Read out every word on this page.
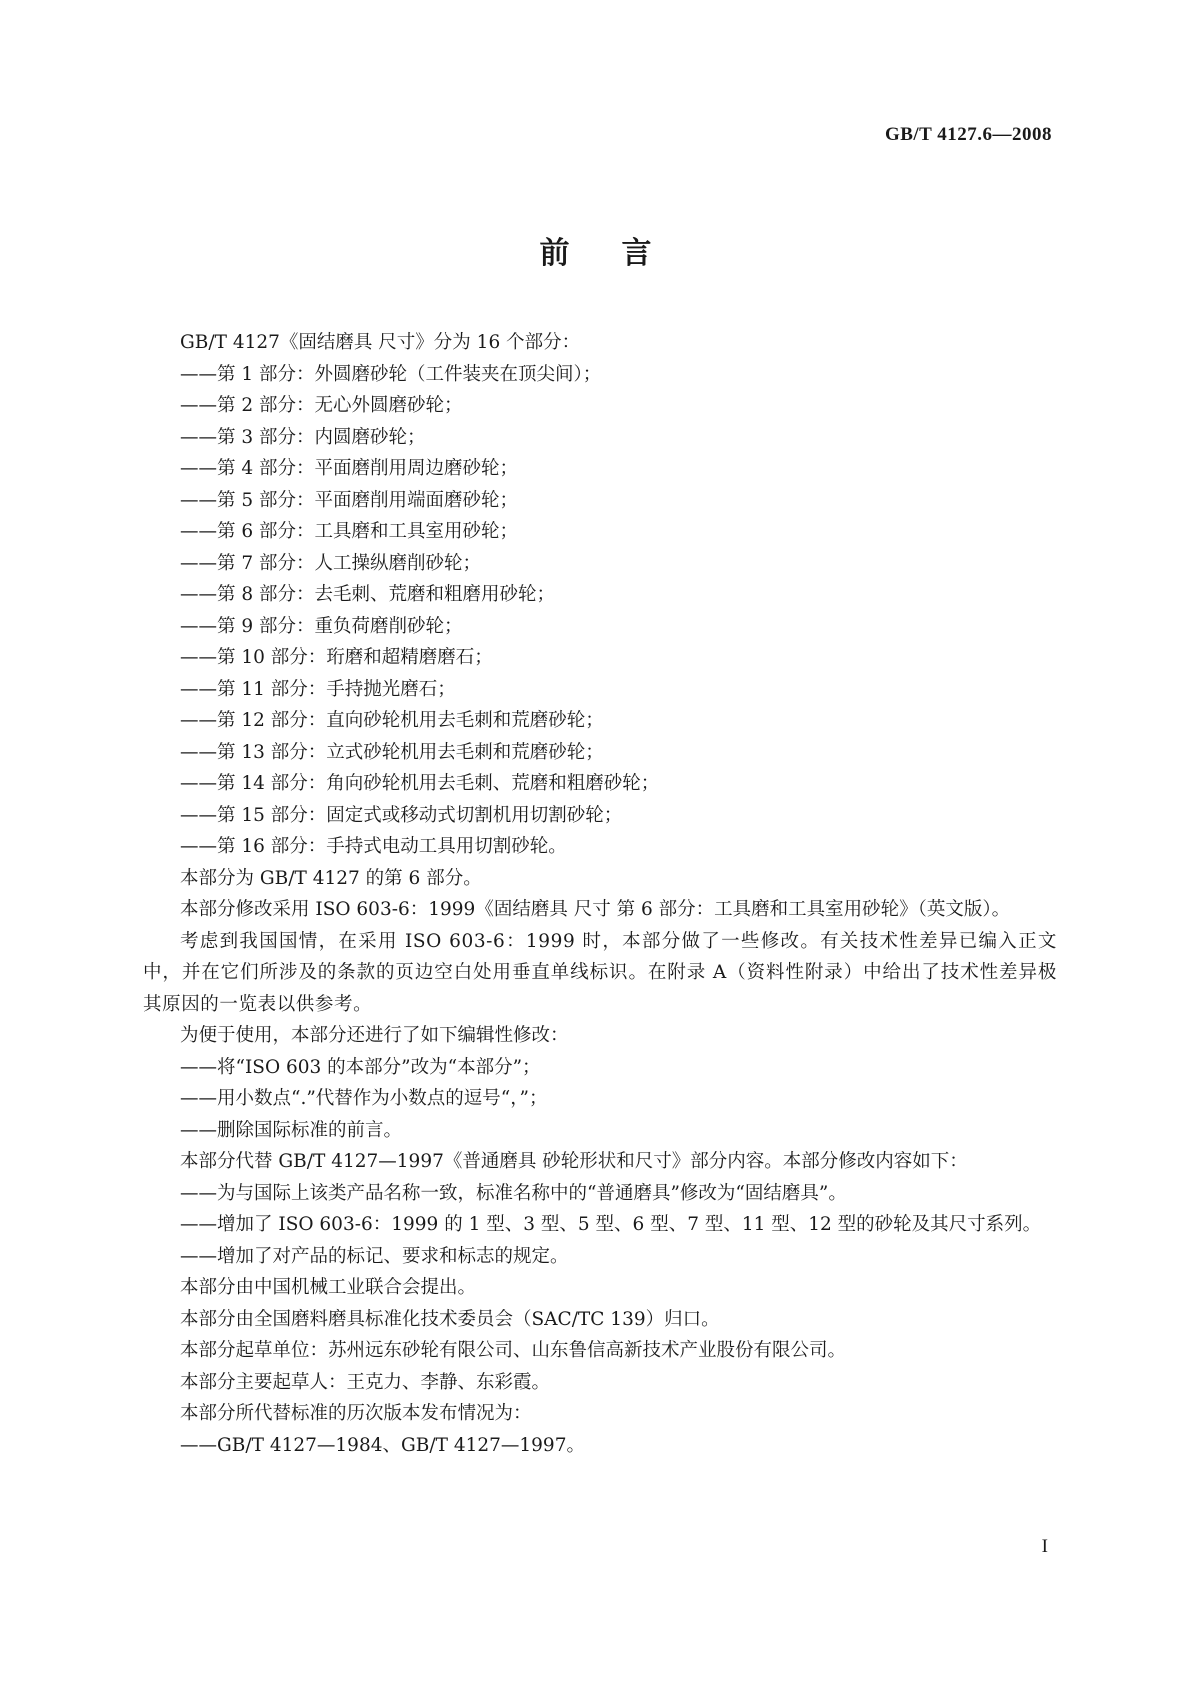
GB/T 4127.6—2008
前言

GB/T 4127《固结磨具 尺寸》分为 16 个部分：

——第 1 部分：外圆磨砂轮（工件装夹在顶尖间）；

——第 2 部分：无心外圆磨砂轮；

——第 3 部分：内圆磨砂轮；

——第 4 部分：平面磨削用周边磨砂轮；

——第 5 部分：平面磨削用端面磨砂轮；

——第 6 部分：工具磨和工具室用砂轮；

——第 7 部分：人工操纵磨削砂轮；

——第 8 部分：去毛刺、荒磨和粗磨用砂轮；

——第 9 部分：重负荷磨削砂轮；

——第 10 部分：珩磨和超精磨磨石；

——第 11 部分：手持抛光磨石；

——第 12 部分：直向砂轮机用去毛刺和荒磨砂轮；

——第 13 部分：立式砂轮机用去毛刺和荒磨砂轮；

——第 14 部分：角向砂轮机用去毛刺、荒磨和粗磨砂轮；

——第 15 部分：固定式或移动式切割机用切割砂轮；

——第 16 部分：手持式电动工具用切割砂轮。

本部分为 GB/T 4127 的第 6 部分。

本部分修改采用 ISO 603-6：1999《固结磨具 尺寸 第 6 部分：工具磨和工具室用砂轮》（英文版）。

考虑到我国国情，在采用 ISO 603-6：1999 时，本部分做了一些修改。有关技术性差异已编入正文中，并在它们所涉及的条款的页边空白处用垂直单线标识。在附录 A（资料性附录）中给出了技术性差异极其原因的一览表以供参考。

为便于使用，本部分还进行了如下编辑性修改：

——将“ISO 603 的本部分”改为“本部分”；

——用小数点“.”代替作为小数点的逗号“，”；

——删除国际标准的前言。

本部分代替 GB/T 4127—1997《普通磨具 砂轮形状和尺寸》部分内容。本部分修改内容如下：

——为与国际上该类产品名称一致，标准名称中的“普通磨具”修改为“固结磨具”。

——增加了 ISO 603-6：1999 的 1 型、3 型、5 型、6 型、7 型、11 型、12 型的砂轮及其尺寸系列。

——增加了对产品的标记、要求和标志的规定。

本部分由中国机械工业联合会提出。

本部分由全国磨料磨具标准化技术委员会（SAC/TC 139）归口。

本部分起草单位：苏州远东砂轮有限公司、山东鲁信高新技术产业股份有限公司。

本部分主要起草人：王克力、李静、东彩霞。

本部分所代替标准的历次版本发布情况为：

——GB/T 4127—1984、GB/T 4127—1997。

I
